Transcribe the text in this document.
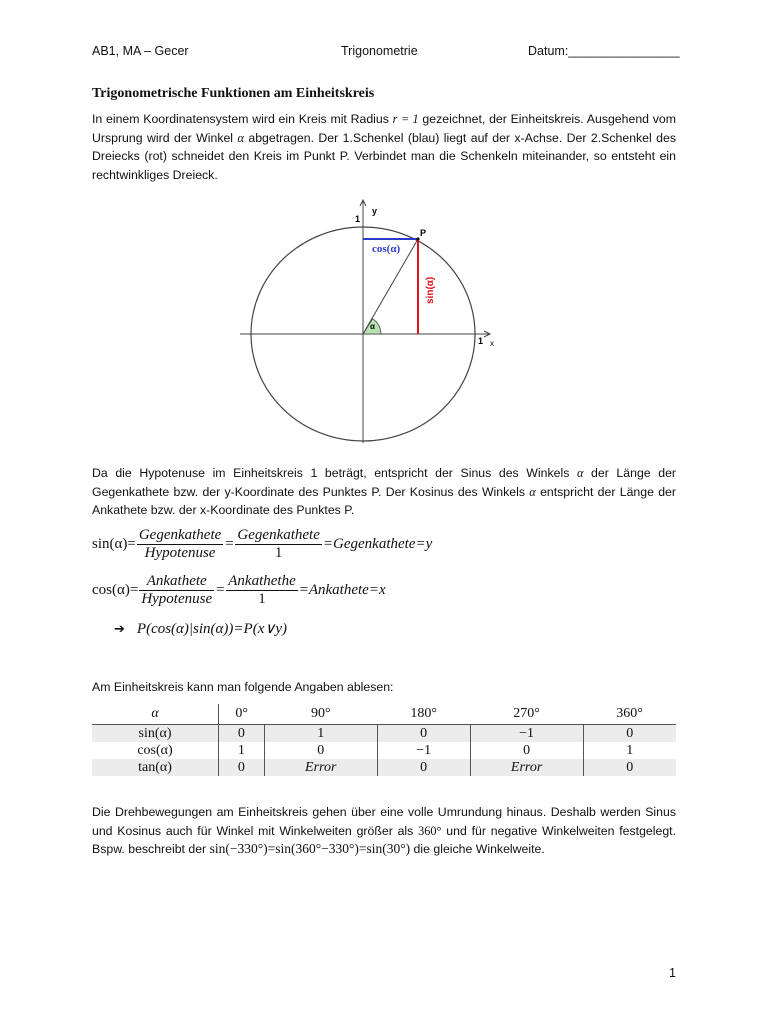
AB1, MA – Gecer	Trigonometrie	Datum:________________
Trigonometrische Funktionen am Einheitskreis
In einem Koordinatensystem wird ein Kreis mit Radius r = 1 gezeichnet, der Einheitskreis. Ausgehend vom Ursprung wird der Winkel α abgetragen. Der 1.Schenkel (blau) liegt auf der x-Achse. Der 2.Schenkel des Dreiecks (rot) schneidet den Kreis im Punkt P. Verbindet man die Schenkeln miteinander, so entsteht ein rechtwinkliges Dreieck.
α
cos(α)
sin(α)
P
1
y
1 x
Da die Hypotenuse im Einheitskreis 1 beträgt, entspricht der Sinus des Winkels α der Länge der Gegenkathete bzw. der y-Koordinate des Punktes P. Der Kosinus des Winkels α entspricht der Länge der Ankathete bzw. der x-Koordinate des Punktes P.
$\sin(\alpha)= \frac{\text{Gegenkathete}}{\text{Hypotenuse}} = \frac{\text{Gegenkathete}}{1}$ =Gegenkathete=y
$\cos(\alpha)= \frac{\text{Ankathete}}{\text{Hypotenuse}} = \frac{\text{Ankathethe}}{1}$ =Ankathete=x
➔ P(cos(α)|sin(α))=P(x∨y)
Am Einheitskreis kann man folgende Angaben ablesen:
α	0°	90°	180°	270°	360°
sin(α)	0	1	0	−1	0
cos(α)	1	0	−1	0	1
tan(α)	0	Error	0	Error	0
Die Drehbewegungen am Einheitskreis gehen über eine volle Umrundung hinaus. Deshalb werden Sinus und Kosinus auch für Winkel mit Winkelweiten größer als 360° und für negative Winkelweiten festgelegt. Bspw. beschreibt der sin(−330°)=sin(360°−330°)=sin(30°) die gleiche Winkelweite.
1
